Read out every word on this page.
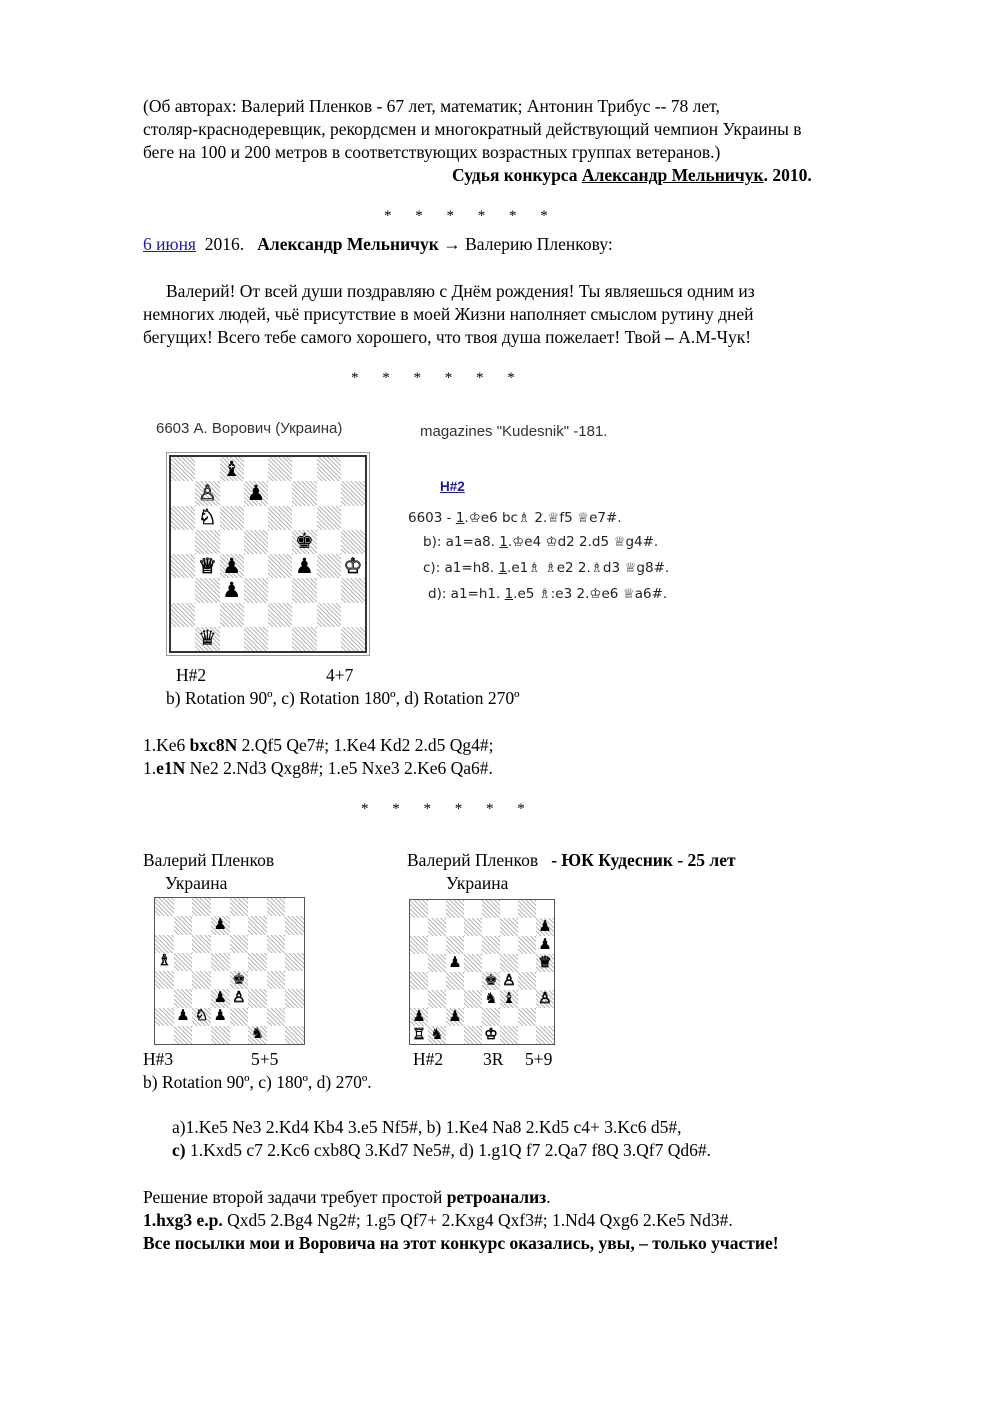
(Об авторах: Валерий Пленков - 67 лет, математик; Антонин Трибус -- 78 лет,
столяр-краснодеревщик, рекордсмен и многократный действующий чемпион Украины в
беге на 100 и 200 метров в соответствующих возрастных группах ветеранов.)
Судья конкурса Александр Мельничук. 2010.
* * * * * *
6 июня 2016. Александр Мельничук → Валерию Пленкову:
Валерий! От всей души поздравляю с Днём рождения! Ты являешься одним из
немногих людей, чьё присутствие в моей Жизни наполняет смыслом рутину дней
бегущих! Всего тебе самого хорошего, что твоя душа пожелает! Твой – А.М-Чук!
* * * * * *
6603 А. Ворович (Украина)	magazines "Kudesnik" -181.
♝
♙ ♟
♘
♚
♕ ♟	♟ ♔
♟
♛
H#2
6603 - 1.♔e6 bc♗ 2.♕f5 ♕e7#.
b): a1=a8. 1.♔e4 ♔d2 2.d5 ♕g4#.
c): a1=h8. 1.e1♗ ♗e2 2.♗d3 ♕g8#.
d): a1=h1. 1.e5 ♗:e3 2.♔e6 ♕a6#.
H#2	4+7
b) Rotation 90º, c) Rotation 180º, d) Rotation 270º
1.Ke6 bxc8N 2.Qf5 Qe7#; 1.Ke4 Kd2 2.d5 Qg4#;
1.e1N Ne2 2.Nd3 Qxg8#; 1.e5 Nxe3 2.Ke6 Qa6#.
* * * * * *
Валерий Пленков
Украина
Валерий Пленков - ЮК Кудесник - 25 лет
Украина
♟
♗
♚
♟ ♙
♟ ♘ ♟
♞
♟
♟
♟	♕
♚ ♙
♞ ♝ ♙
♟ ♟
♖ ♞	♔
H#3	5+5	H#2 3R 5+9
b) Rotation 90º, c) 180º, d) 270º.
a)1.Ke5 Ne3 2.Kd4 Kb4 3.e5 Nf5#, b) 1.Ke4 Na8 2.Kd5 c4+ 3.Kc6 d5#,
c) 1.Kxd5 c7 2.Kc6 cxb8Q 3.Kd7 Ne5#, d) 1.g1Q f7 2.Qa7 f8Q 3.Qf7 Qd6#.
Решение второй задачи требует простой ретроанализ.
1.hxg3 e.p. Qxd5 2.Bg4 Ng2#; 1.g5 Qf7+ 2.Kxg4 Qxf3#; 1.Nd4 Qxg6 2.Ke5 Nd3#.
Все посылки мои и Воровича на этот конкурс оказались, увы, – только участие!
